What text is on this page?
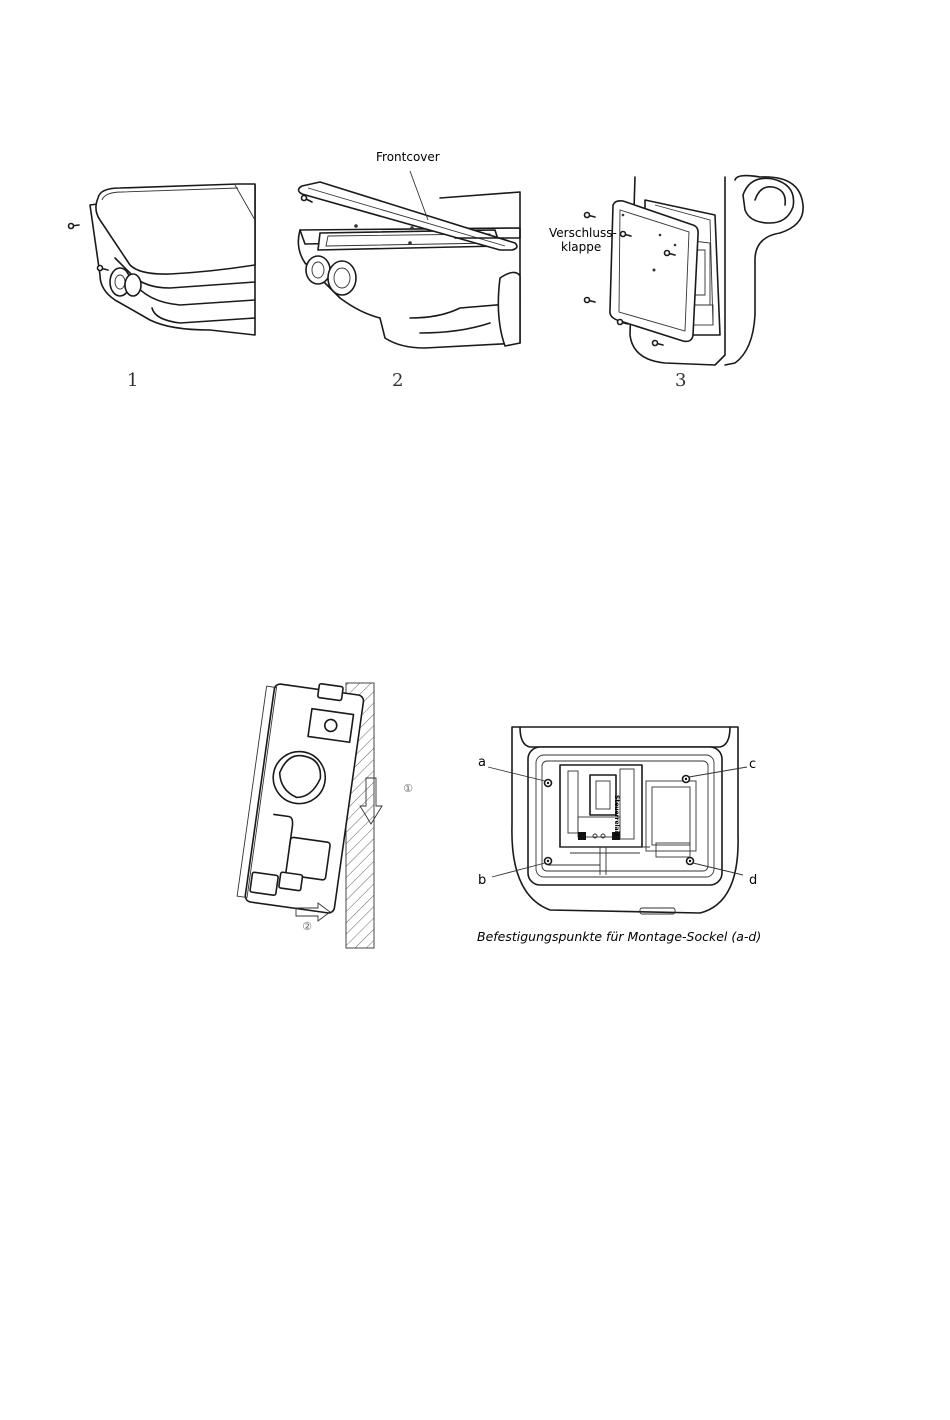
1
Frontcover
2
Verschluss-
klappe
3
①
②
Steuerrelais
a	c
b	d
Befestigungspunkte für Montage-Sockel (a-d)
